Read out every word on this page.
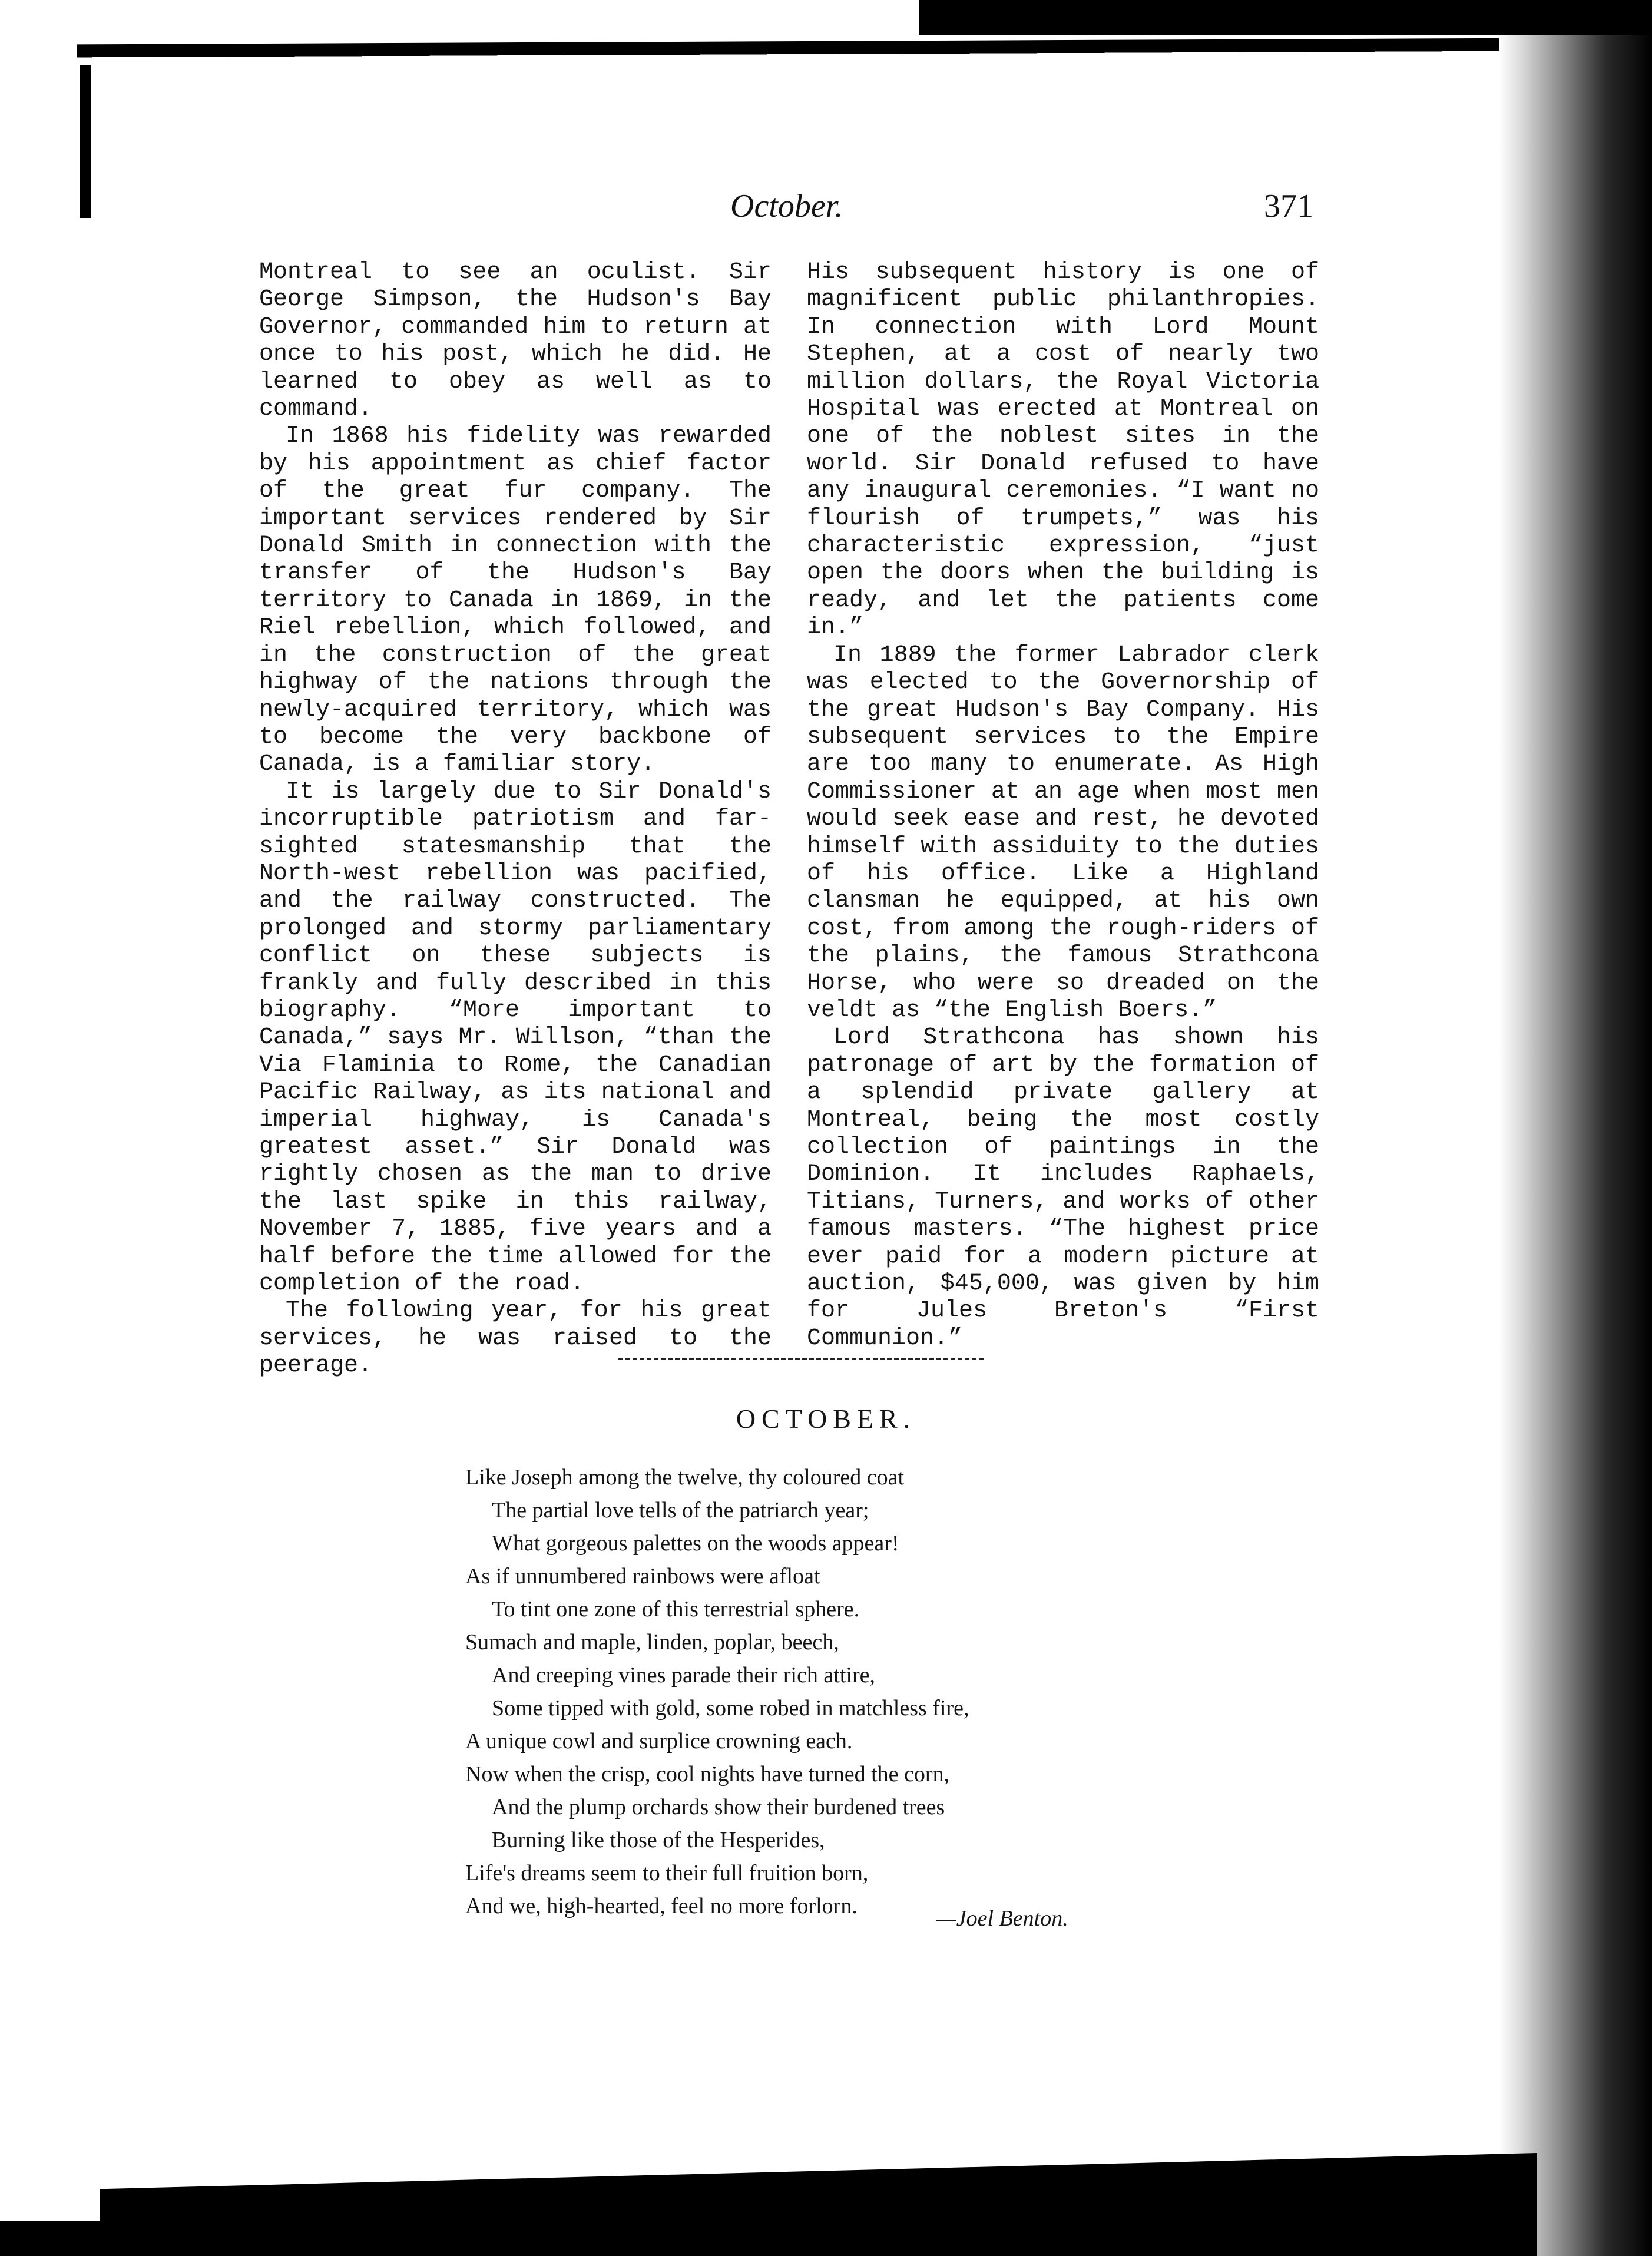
October.	371

Montreal to see an oculist. Sir George Simpson, the Hudson's Bay Governor, commanded him to return at once to his post, which he did. He learned to obey as well as to command.

In 1868 his fidelity was rewarded by his appointment as chief factor of the great fur company. The important services rendered by Sir Donald Smith in connection with the transfer of the Hudson's Bay territory to Canada in 1869, in the Riel rebellion, which followed, and in the construction of the great highway of the nations through the newly-acquired territory, which was to become the very backbone of Canada, is a familiar story.

It is largely due to Sir Donald's incorruptible patriotism and far-sighted statesmanship that the North-west rebellion was pacified, and the railway constructed. The prolonged and stormy parliamentary conflict on these subjects is frankly and fully described in this biography. “More important to Canada,” says Mr. Willson, “than the Via Flaminia to Rome, the Canadian Pacific Railway, as its national and imperial highway, is Canada's greatest asset.” Sir Donald was rightly chosen as the man to drive the last spike in this railway, November 7, 1885, five years and a half before the time allowed for the completion of the road.

The following year, for his great services, he was raised to the peerage.

His subsequent history is one of magnificent public philanthropies. In connection with Lord Mount Stephen, at a cost of nearly two million dollars, the Royal Victoria Hospital was erected at Montreal on one of the noblest sites in the world. Sir Donald refused to have any inaugural ceremonies. “I want no flourish of trumpets,” was his characteristic expression, “just open the doors when the building is ready, and let the patients come in.”

In 1889 the former Labrador clerk was elected to the Governorship of the great Hudson's Bay Company. His subsequent services to the Empire are too many to enumerate. As High Commissioner at an age when most men would seek ease and rest, he devoted himself with assiduity to the duties of his office. Like a Highland clansman he equipped, at his own cost, from among the rough-riders of the plains, the famous Strathcona Horse, who were so dreaded on the veldt as “the English Boers.”

Lord Strathcona has shown his patronage of art by the formation of a splendid private gallery at Montreal, being the most costly collection of paintings in the Dominion. It includes Raphaels, Titians, Turners, and works of other famous masters. “The highest price ever paid for a modern picture at auction, $45,000, was given by him for Jules Breton's “First Communion.”

OCTOBER.
Like Joseph among the twelve, thy coloured coat
The partial love tells of the patriarch year;
What gorgeous palettes on the woods appear!
As if unnumbered rainbows were afloat
To tint one zone of this terrestrial sphere.
Sumach and maple, linden, poplar, beech,
And creeping vines parade their rich attire,
Some tipped with gold, some robed in matchless fire,
A unique cowl and surplice crowning each.
Now when the crisp, cool nights have turned the corn,
And the plump orchards show their burdened trees
Burning like those of the Hesperides,
Life's dreams seem to their full fruition born,
And we, high-hearted, feel no more forlorn.	—Joel Benton.
